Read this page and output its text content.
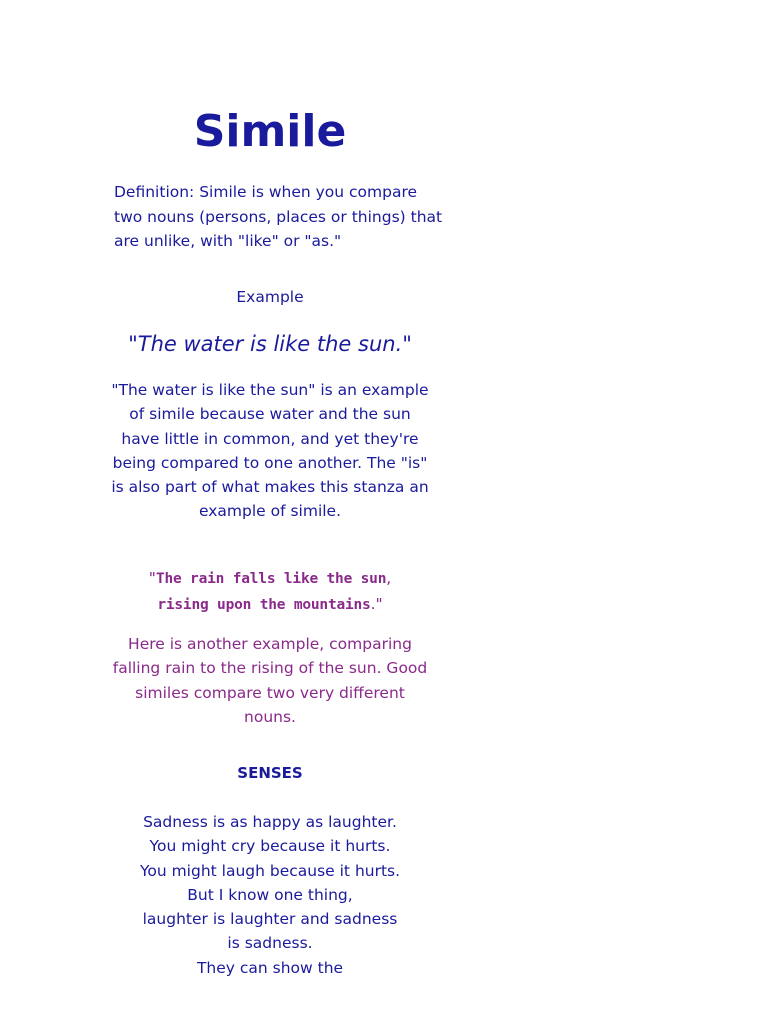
Simile

Definition: Simile is when you compare two nouns (persons, places or things) that are unlike, with "like" or "as."

Example

"The water is like the sun."

"The water is like the sun" is an example of simile because water and the sun have little in common, and yet they're being compared to one another. The "is" is also part of what makes this stanza an example of simile.

"The rain falls like the sun,
rising upon the mountains."

Here is another example, comparing falling rain to the rising of the sun. Good similes compare two very different nouns.

SENSES

Sadness is as happy as laughter.
You might cry because it hurts.
You might laugh because it hurts.
But I know one thing,
laughter is laughter and sadness
is sadness.
They can show the
